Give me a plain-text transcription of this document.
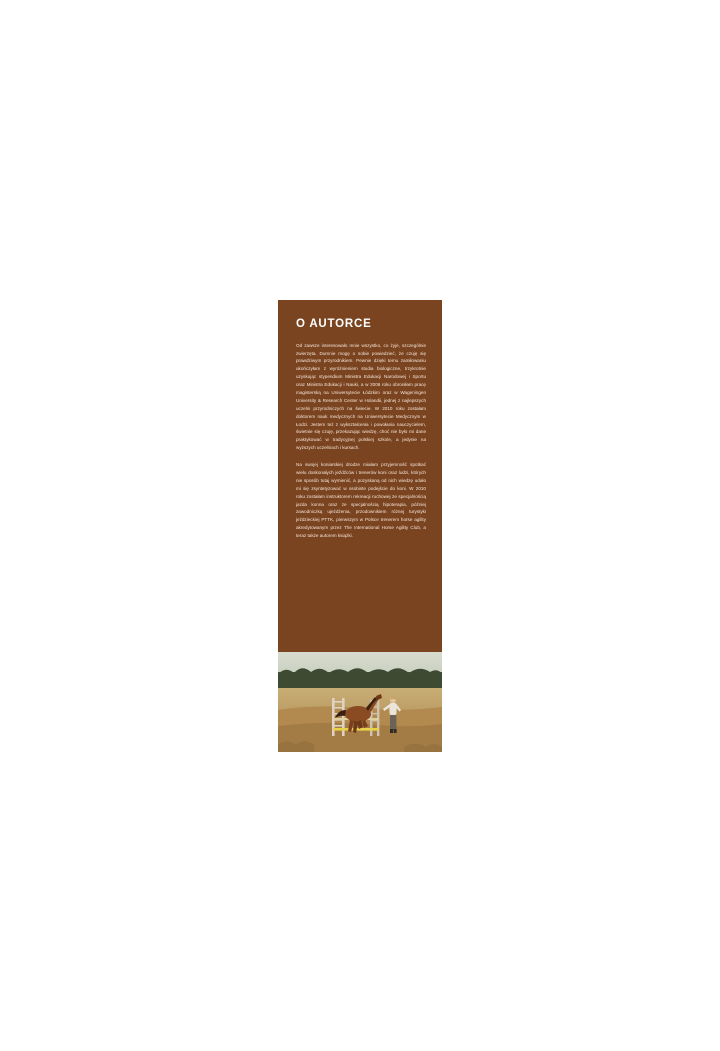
O AUTORCE

Od zawsze interesowało mnie wszystko, co żyje, szczególnie zwierzęta. Dumnie mogę o sobie powiedzieć, że czuję się prawdziwym przyrodnikiem. Pewnie dzięki temu zamiłowaniu ukończyłam z wyróżnieniem studia biologiczne, trzykrotnie uzyskując stypendium Ministra Edukacji Narodowej i Sportu oraz Ministra Edukacji i Nauki, a w 2006 roku obroniłam pracę magisterską na Uniwersytecie Łódzkim oraz w Wageningen University & Research Center w Holandii, jednej z najlepszych uczelni przyrodniczych na świecie. W 2010 roku zostałam doktorem nauk medycznych na Uniwersytecie Medycznym w Łodzi. Jestem też z wykształcenia i powołania nauczycielem, świetnie się czuję, przekazując wiedzę, choć nie było mi dane praktykować w tradycyjnej polskiej szkole, a jedynie na wyższych uczelniach i kursach.

Na swojej koniarskiej drodze miałam przyjemność spotkać wielu doskonałych jeźdźców i trenerów koni oraz ludzi, których nie sposób tutaj wymienić, a pozyskaną od nich wiedzę udało mi się zsyntetyzować w osobiste podejście do koni. W 2010 roku zostałam instruktorem rekreacji ruchowej ze specjalnością jazda konna oraz ze specjalnością hipoterapia, później zawodniczką ujeżdżenia, przodownikiem różnej turystyki jeździeckiej PTTK, pierwszym w Polsce trenerem horse agility akredytowanym przez The International Horse Agility Club, a teraz także autorem książki.
